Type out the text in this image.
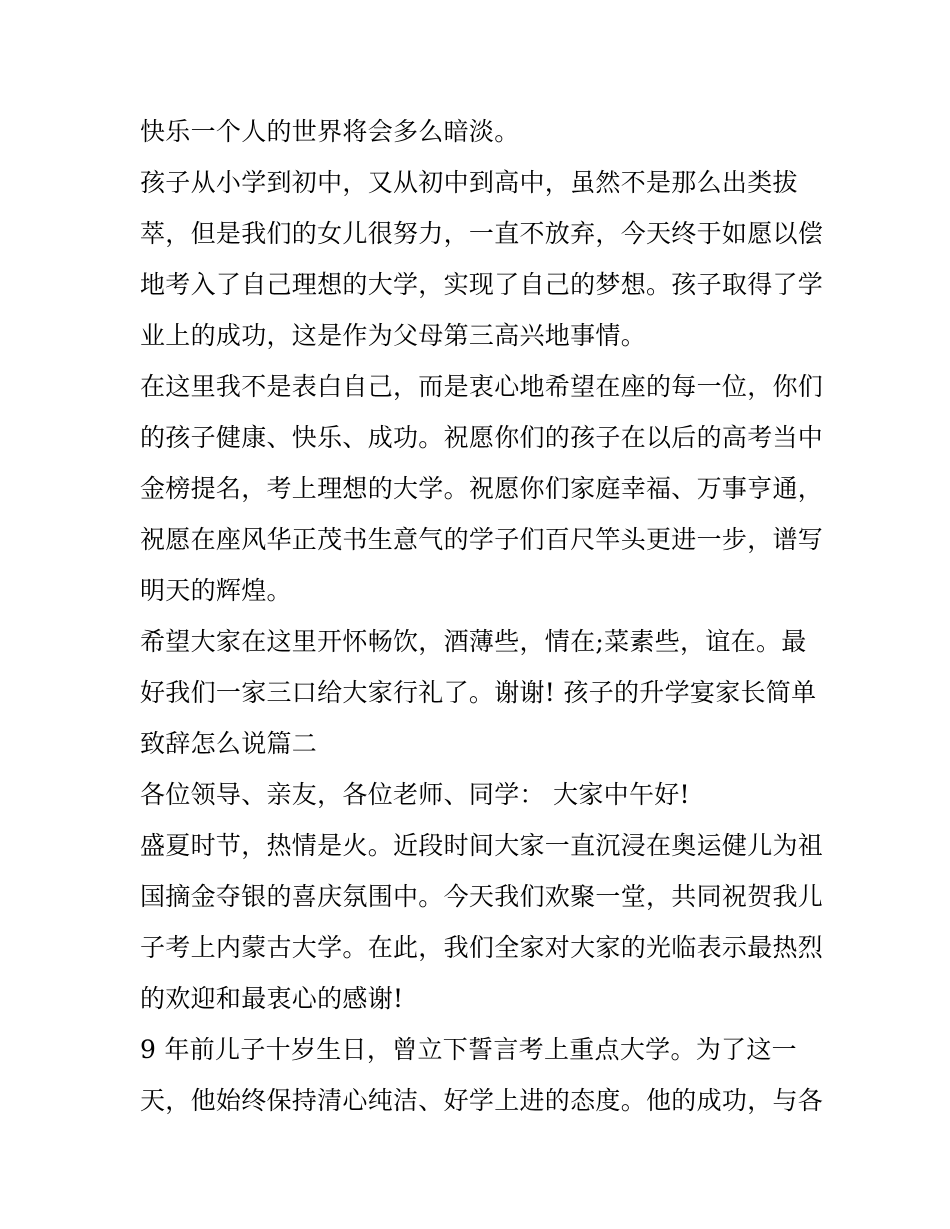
快乐一个人的世界将会多么暗淡。
孩子从小学到初中，又从初中到高中，虽然不是那么出类拔
萃，但是我们的女儿很努力，一直不放弃，今天终于如愿以偿
地考入了自己理想的大学，实现了自己的梦想。孩子取得了学
业上的成功，这是作为父母第三高兴地事情。
在这里我不是表白自己，而是衷心地希望在座的每一位，你们
的孩子健康、快乐、成功。祝愿你们的孩子在以后的高考当中
金榜提名，考上理想的大学。祝愿你们家庭幸福、万事亨通，
祝愿在座风华正茂书生意气的学子们百尺竿头更进一步，谱写
明天的辉煌。
希望大家在这里开怀畅饮，酒薄些，情在;菜素些，谊在。最
好我们一家三口给大家行礼了。谢谢! 孩子的升学宴家长简单
致辞怎么说篇二
各位领导、亲友，各位老师、同学： 大家中午好!
盛夏时节，热情是火。近段时间大家一直沉浸在奥运健儿为祖
国摘金夺银的喜庆氛围中。今天我们欢聚一堂，共同祝贺我儿
子考上内蒙古大学。在此，我们全家对大家的光临表示最热烈
的欢迎和最衷心的感谢!
9 年前儿子十岁生日，曾立下誓言考上重点大学。为了这一
天，他始终保持清心纯洁、好学上进的态度。他的成功，与各
